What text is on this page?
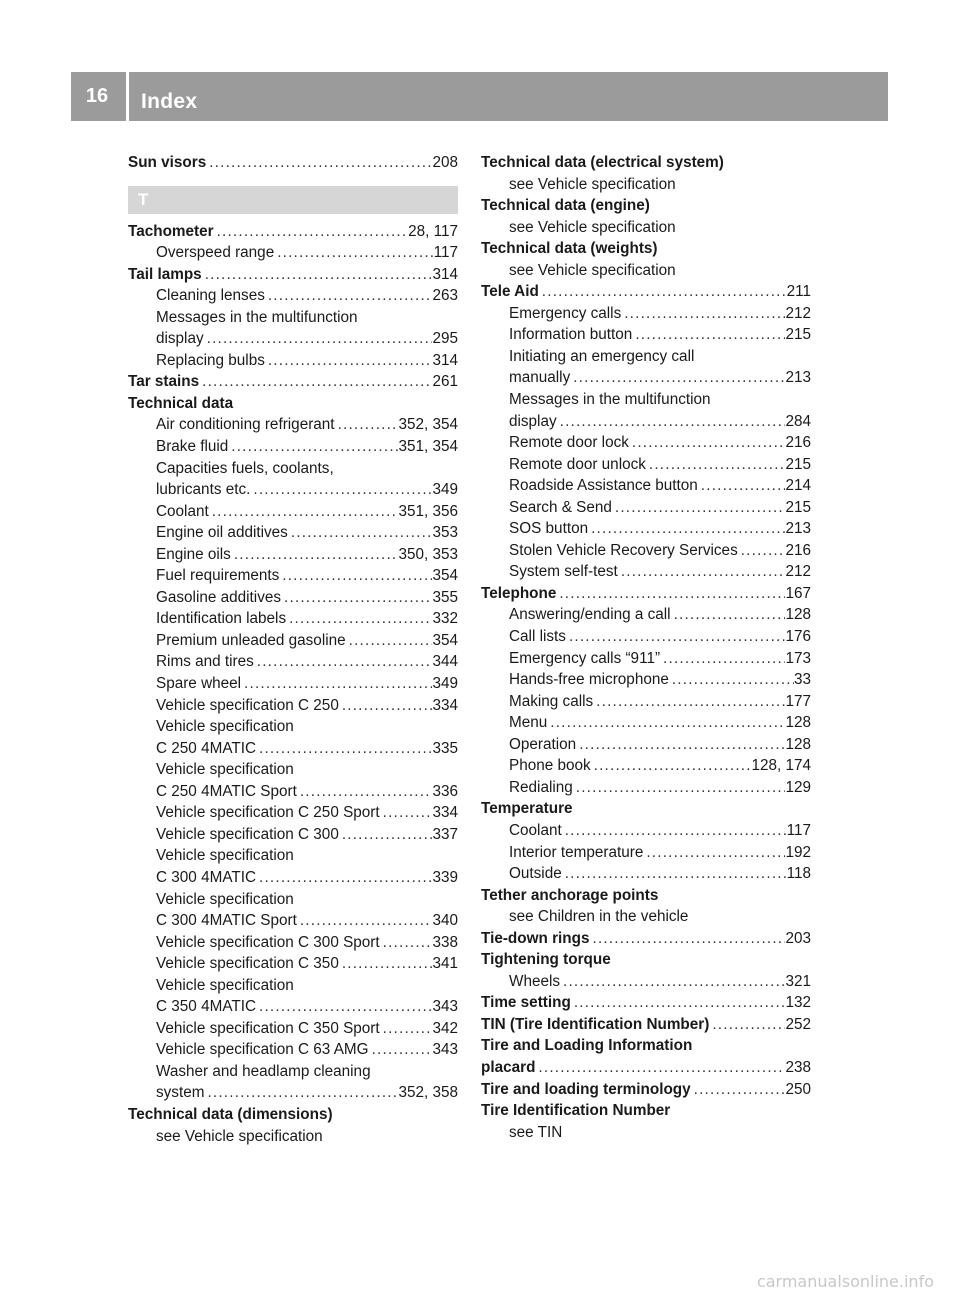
16	Index
Sun visors .....	208
T
Tachometer .....	28, 117
Overspeed range .....	117
Tail lamps .....	314
Cleaning lenses .....	263
Messages in the multifunction
display .....	295
Replacing bulbs .....	314
Tar stains .....	261
Technical data
Air conditioning refrigerant .....	352, 354
Brake fluid .....	351, 354
Capacities fuels, coolants,
lubricants etc. .....	349
Coolant .....	351, 356
Engine oil additives .....	353
Engine oils .....	350, 353
Fuel requirements .....	354
Gasoline additives .....	355
Identification labels .....	332
Premium unleaded gasoline .....	354
Rims and tires .....	344
Spare wheel .....	349
Vehicle specification C 250 .....	334
Vehicle specification
C 250 4MATIC .....	335
Vehicle specification
C 250 4MATIC Sport .....	336
Vehicle specification C 250 Sport .....	334
Vehicle specification C 300 .....	337
Vehicle specification
C 300 4MATIC .....	339
Vehicle specification
C 300 4MATIC Sport .....	340
Vehicle specification C 300 Sport .....	338
Vehicle specification C 350 .....	341
Vehicle specification
C 350 4MATIC .....	343
Vehicle specification C 350 Sport .....	342
Vehicle specification C 63 AMG .....	343
Washer and headlamp cleaning
system .....	352, 358
Technical data (dimensions)
see Vehicle specification
Technical data (electrical system)
see Vehicle specification
Technical data (engine)
see Vehicle specification
Technical data (weights)
see Vehicle specification
Tele Aid .....	211
Emergency calls .....	212
Information button .....	215
Initiating an emergency call
manually .....	213
Messages in the multifunction
display .....	284
Remote door lock .....	216
Remote door unlock .....	215
Roadside Assistance button .....	214
Search & Send .....	215
SOS button .....	213
Stolen Vehicle Recovery Services .....	216
System self-test .....	212
Telephone .....	167
Answering/ending a call .....	128
Call lists .....	176
Emergency calls “911” .....	173
Hands-free microphone .....	33
Making calls .....	177
Menu .....	128
Operation .....	128
Phone book .....	128, 174
Redialing .....	129
Temperature
Coolant .....	117
Interior temperature .....	192
Outside .....	118
Tether anchorage points
see Children in the vehicle
Tie-down rings .....	203
Tightening torque
Wheels .....	321
Time setting .....	132
TIN (Tire Identification Number) .....	252
Tire and Loading Information
placard .....	238
Tire and loading terminology .....	250
Tire Identification Number
see TIN
carmanualsonline.info
